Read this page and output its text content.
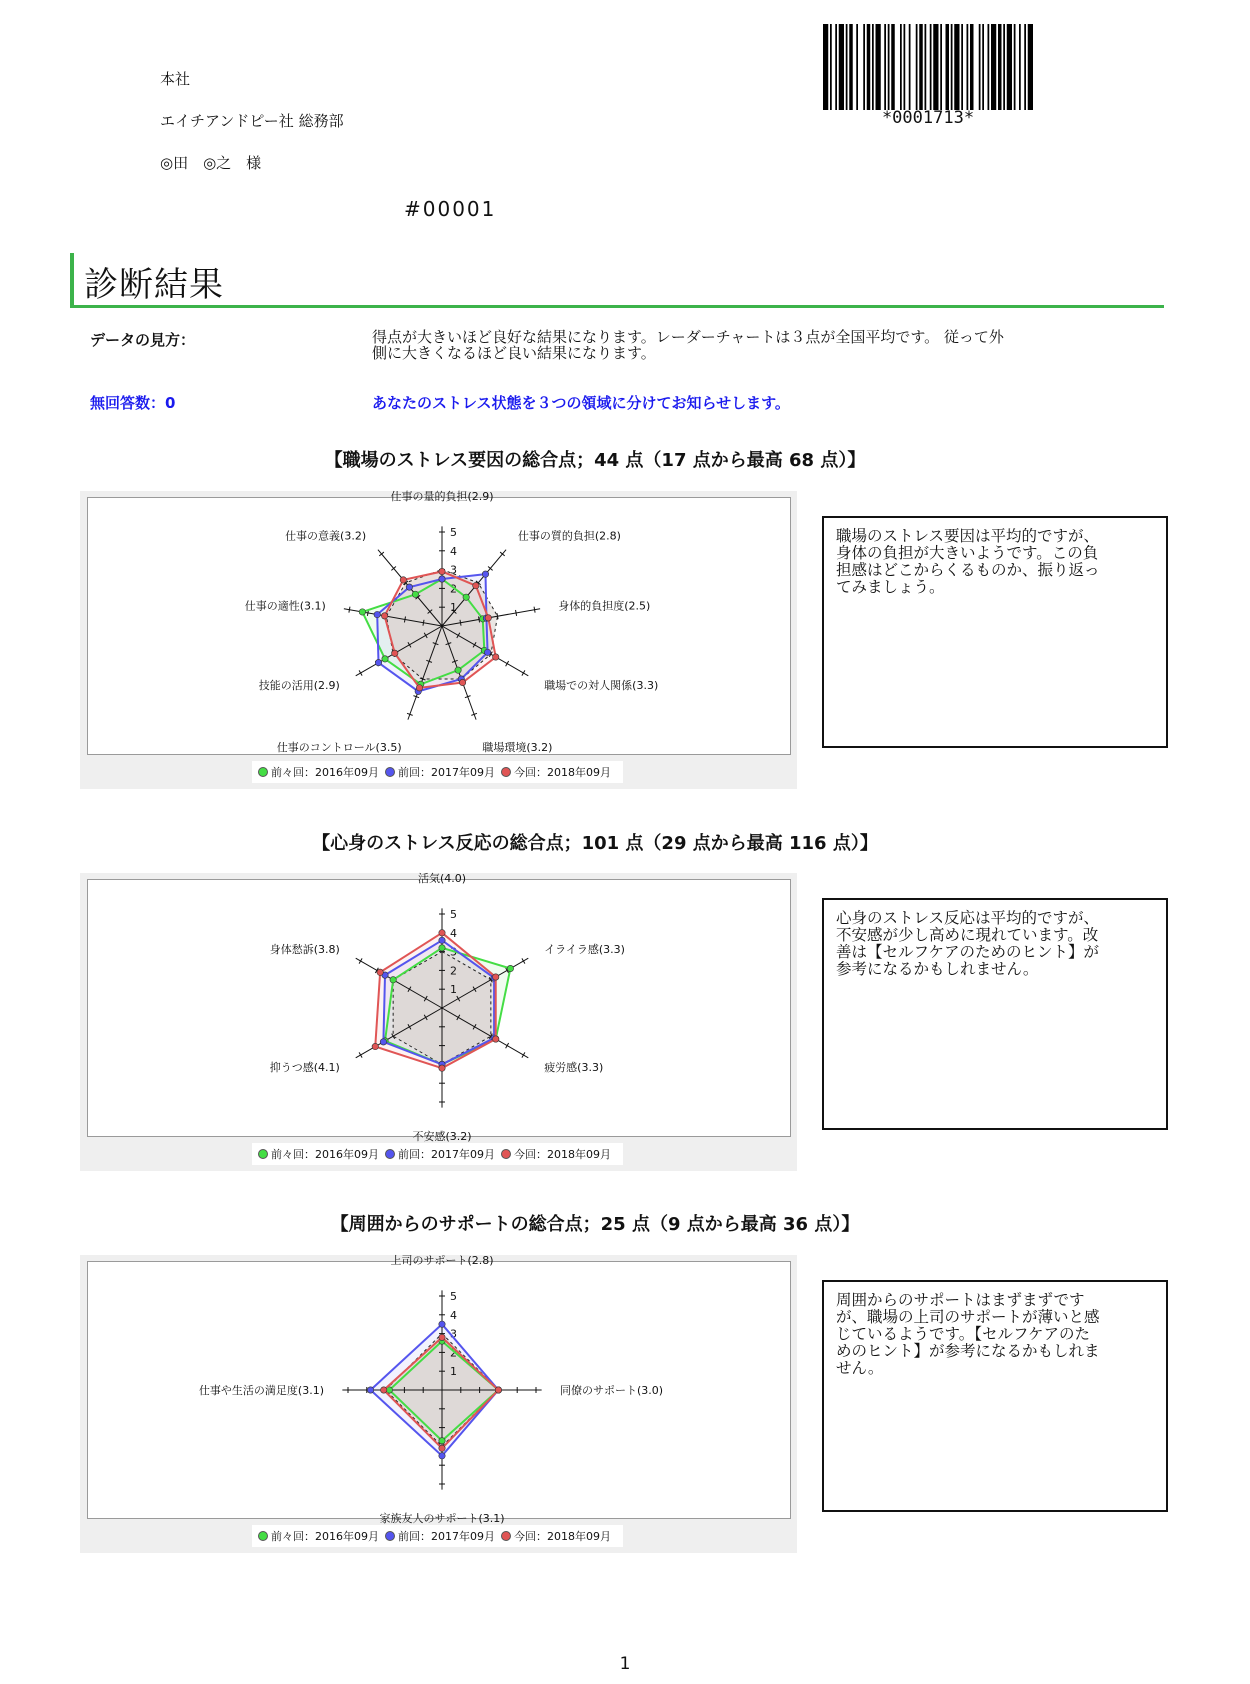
本社
エイチアンドピー社 総務部
◎田　◎之　様
*0001713*
#00001
診断結果
データの見方：	得点が大きいほど良好な結果になります。レーダーチャートは３点が全国平均です。 従って外
側に大きくなるほど良い結果になります。
無回答数：0	あなたのストレス状態を３つの領域に分けてお知らせします。
【職場のストレス要因の総合点；44 点（17 点から最高 68 点）】
仕事の量的負担(2.9)
仕事の質的負担(2.8)
身体的負担度(2.5)
職場での対人関係(3.3)
職場環境(3.2)
仕事のコントロール(3.5)
技能の活用(2.9)
仕事の適性(3.1)
仕事の意義(3.2)
1
2
3
4
5
前々回：2016年09月 前回：2017年09月 今回：2018年09月
職場のストレス要因は平均的ですが、
身体の負担が大きいようです。この負
担感はどこからくるものか、振り返っ
てみましょう。
【心身のストレス反応の総合点；101 点（29 点から最高 116 点）】
活気(4.0)
イライラ感(3.3)
疲労感(3.3)
不安感(3.2)
抑うつ感(4.1)
身体愁訴(3.8)
1
2
3
4
5
前々回：2016年09月 前回：2017年09月 今回：2018年09月
心身のストレス反応は平均的ですが、
不安感が少し高めに現れています。改
善は【セルフケアのためのヒント】が
参考になるかもしれません。
【周囲からのサポートの総合点；25 点（9 点から最高 36 点）】
上司のサポート(2.8)
同僚のサポート(3.0)
家族友人のサポート(3.1)
仕事や生活の満足度(3.1)
1
2
3
4
5
前々回：2016年09月 前回：2017年09月 今回：2018年09月
周囲からのサポートはまずまずです
が、職場の上司のサポートが薄いと感
じているようです。【セルフケアのた
めのヒント】が参考になるかもしれま
せん。
1
